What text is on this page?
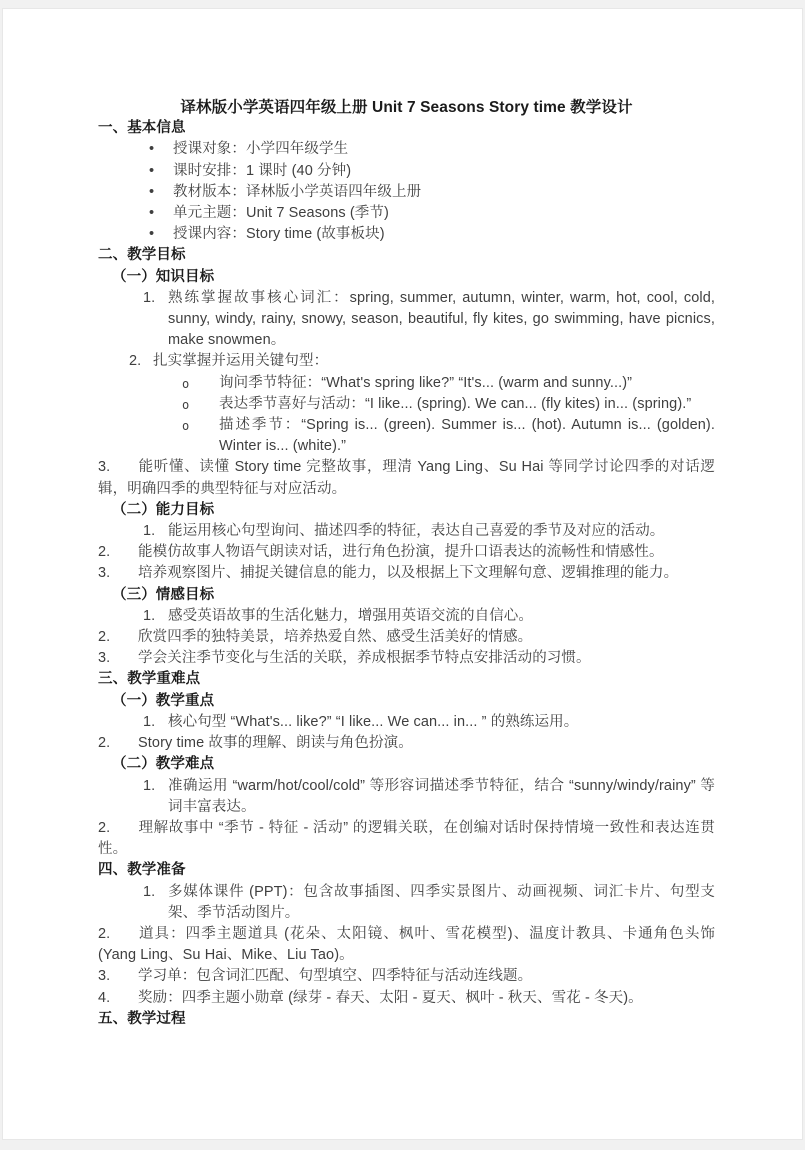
译林版小学英语四年级上册 Unit 7 Seasons Story time 教学设计
一、基本信息
• 授课对象：小学四年级学生
• 课时安排：1 课时 (40 分钟)
• 教材版本：译林版小学英语四年级上册
• 单元主题：Unit 7 Seasons (季节)
• 授课内容：Story time (故事板块)
二、教学目标
（一）知识目标
1. 熟练掌握故事核心词汇：spring, summer, autumn, winter, warm, hot, cool, cold, sunny, windy, rainy, snowy, season, beautiful, fly kites, go swimming, have picnics, make snowmen。
2. 扎实掌握并运用关键句型：
o 询问季节特征：“What's spring like?” “It's... (warm and sunny...)”
o 表达季节喜好与活动：“I like... (spring). We can... (fly kites) in... (spring).”
o 描述季节：“Spring is... (green). Summer is... (hot). Autumn is... (golden). Winter is... (white).”
3. 能听懂、读懂 Story time 完整故事，理清 Yang Ling、Su Hai 等同学讨论四季的对话逻辑，明确四季的典型特征与对应活动。
（二）能力目标
1. 能运用核心句型询问、描述四季的特征，表达自己喜爱的季节及对应的活动。
2. 能模仿故事人物语气朗读对话，进行角色扮演，提升口语表达的流畅性和情感性。
3. 培养观察图片、捕捉关键信息的能力，以及根据上下文理解句意、逻辑推理的能力。
（三）情感目标
1. 感受英语故事的生活化魅力，增强用英语交流的自信心。
2. 欣赏四季的独特美景，培养热爱自然、感受生活美好的情感。
3. 学会关注季节变化与生活的关联，养成根据季节特点安排活动的习惯。
三、教学重难点
（一）教学重点
1. 核心句型 “What's... like?” “I like... We can... in... ” 的熟练运用。
2. Story time 故事的理解、朗读与角色扮演。
（二）教学难点
1. 准确运用 “warm/hot/cool/cold” 等形容词描述季节特征，结合 “sunny/windy/rainy” 等词丰富表达。
2. 理解故事中 “季节 - 特征 - 活动” 的逻辑关联，在创编对话时保持情境一致性和表达连贯性。
四、教学准备
1. 多媒体课件 (PPT)：包含故事插图、四季实景图片、动画视频、词汇卡片、句型支架、季节活动图片。
2. 道具：四季主题道具 (花朵、太阳镜、枫叶、雪花模型)、温度计教具、卡通角色头饰 (Yang Ling、Su Hai、Mike、Liu Tao)。
3. 学习单：包含词汇匹配、句型填空、四季特征与活动连线题。
4. 奖励：四季主题小勋章 (绿芽 - 春天、太阳 - 夏天、枫叶 - 秋天、雪花 - 冬天)。
五、教学过程
